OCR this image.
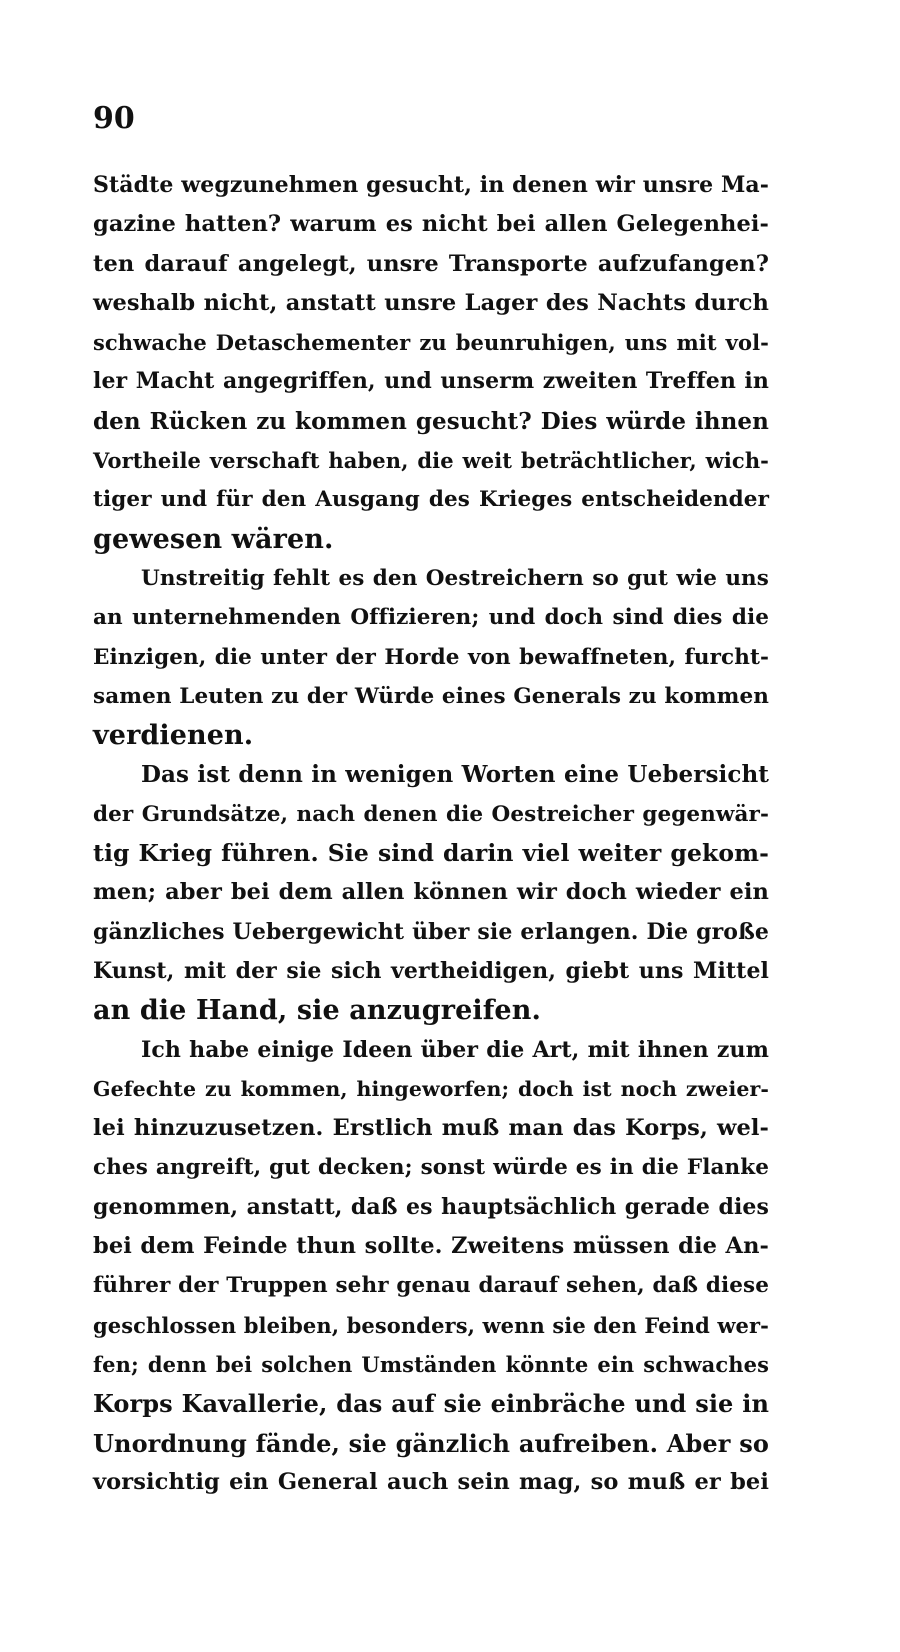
90
Städte wegzunehmen gesucht, in denen wir unsre Ma-
gazine hatten? warum es nicht bei allen Gelegenhei-
ten darauf angelegt, unsre Transporte aufzufangen?
weshalb nicht, anstatt unsre Lager des Nachts durch
schwache Detaschementer zu beunruhigen, uns mit vol-
ler Macht angegriffen, und unserm zweiten Treffen in
den Rücken zu kommen gesucht? Dies würde ihnen
Vortheile verschaft haben, die weit beträchtlicher, wich-
tiger und für den Ausgang des Krieges entscheidender
gewesen wären.
Unstreitig fehlt es den Oestreichern so gut wie uns
an unternehmenden Offizieren; und doch sind dies die
Einzigen, die unter der Horde von bewaffneten, furcht-
samen Leuten zu der Würde eines Generals zu kommen
verdienen.
Das ist denn in wenigen Worten eine Uebersicht
der Grundsätze, nach denen die Oestreicher gegenwär-
tig Krieg führen. Sie sind darin viel weiter gekom-
men; aber bei dem allen können wir doch wieder ein
gänzliches Uebergewicht über sie erlangen. Die große
Kunst, mit der sie sich vertheidigen, giebt uns Mittel
an die Hand, sie anzugreifen.
Ich habe einige Ideen über die Art, mit ihnen zum
Gefechte zu kommen, hingeworfen; doch ist noch zweier-
lei hinzuzusetzen. Erstlich muß man das Korps, wel-
ches angreift, gut decken; sonst würde es in die Flanke
genommen, anstatt, daß es hauptsächlich gerade dies
bei dem Feinde thun sollte. Zweitens müssen die An-
führer der Truppen sehr genau darauf sehen, daß diese
geschlossen bleiben, besonders, wenn sie den Feind wer-
fen; denn bei solchen Umständen könnte ein schwaches
Korps Kavallerie, das auf sie einbräche und sie in
Unordnung fände, sie gänzlich aufreiben. Aber so
vorsichtig ein General auch sein mag, so muß er bei
